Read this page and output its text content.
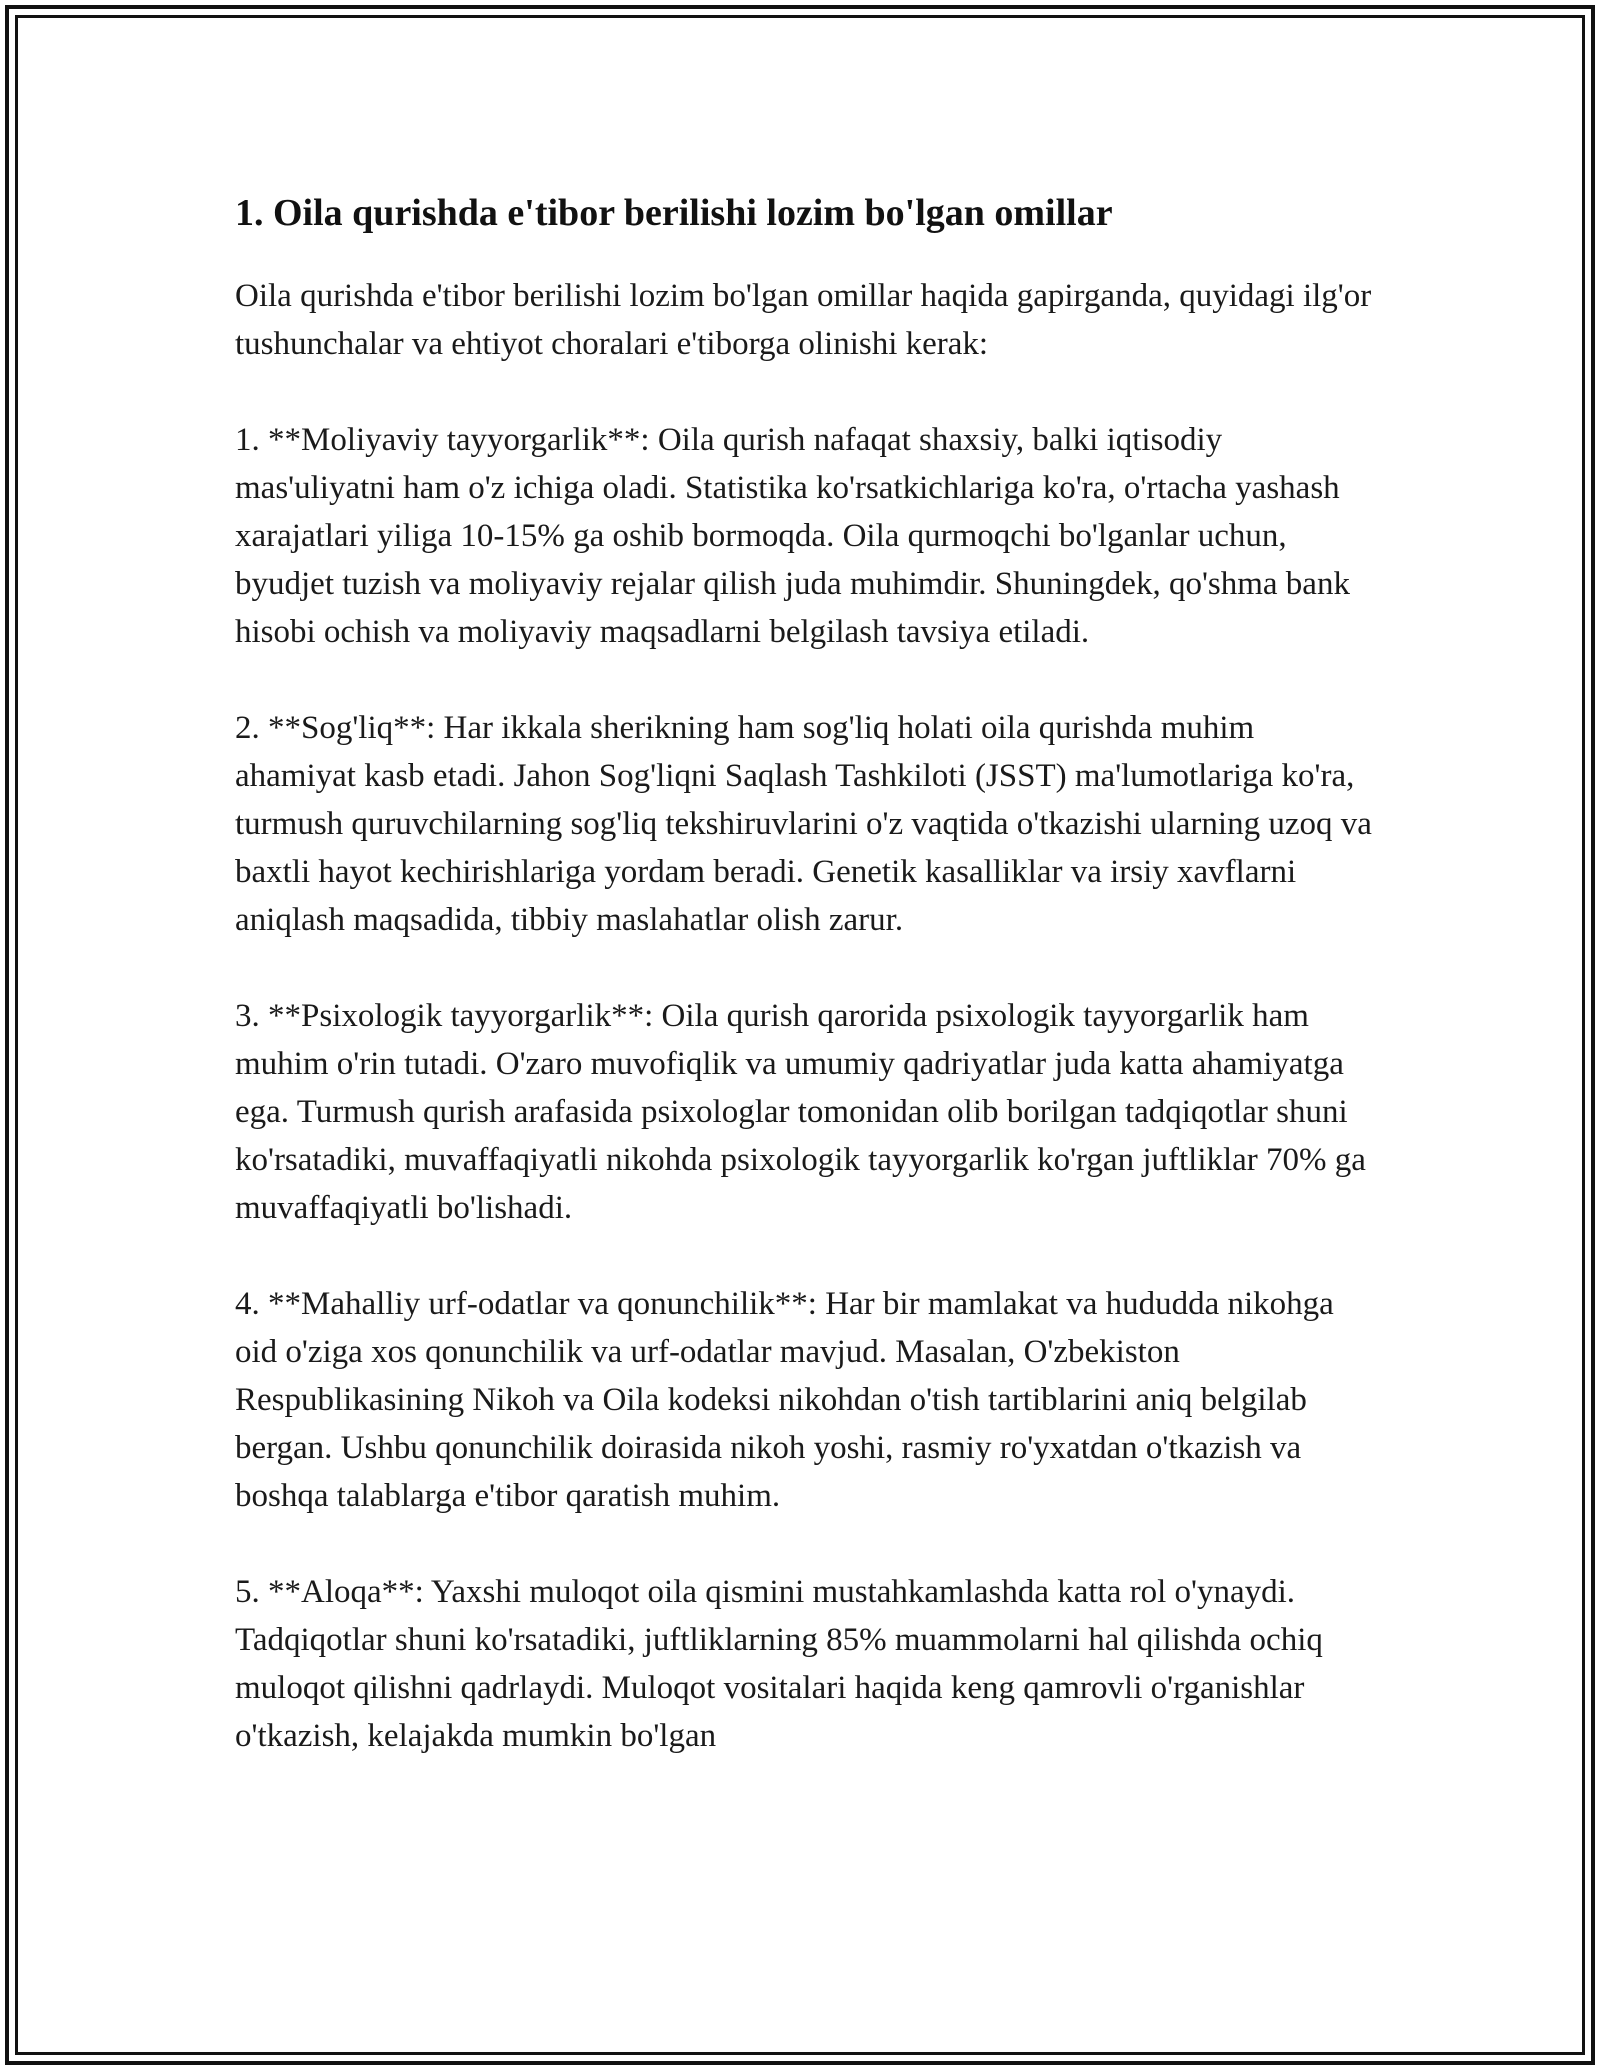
1. Oila qurishda e'tibor berilishi lozim bo'lgan omillar

Oila qurishda e'tibor berilishi lozim bo'lgan omillar haqida gapirganda, quyidagi ilg'or tushunchalar va ehtiyot choralari e'tiborga olinishi kerak:

1. **Moliyaviy tayyorgarlik**: Oila qurish nafaqat shaxsiy, balki iqtisodiy mas'uliyatni ham o'z ichiga oladi. Statistika ko'rsatkichlariga ko'ra, o'rtacha yashash xarajatlari yiliga 10-15% ga oshib bormoqda. Oila qurmoqchi bo'lganlar uchun, byudjet tuzish va moliyaviy rejalar qilish juda muhimdir. Shuningdek, qo'shma bank hisobi ochish va moliyaviy maqsadlarni belgilash tavsiya etiladi.

2. **Sog'liq**: Har ikkala sherikning ham sog'liq holati oila qurishda muhim ahamiyat kasb etadi. Jahon Sog'liqni Saqlash Tashkiloti (JSST) ma'lumotlariga ko'ra, turmush quruvchilarning sog'liq tekshiruvlarini o'z vaqtida o'tkazishi ularning uzoq va baxtli hayot kechirishlariga yordam beradi. Genetik kasalliklar va irsiy xavflarni aniqlash maqsadida, tibbiy maslahatlar olish zarur.

3. **Psixologik tayyorgarlik**: Oila qurish qarorida psixologik tayyorgarlik ham muhim o'rin tutadi. O'zaro muvofiqlik va umumiy qadriyatlar juda katta ahamiyatga ega. Turmush qurish arafasida psixologlar tomonidan olib borilgan tadqiqotlar shuni ko'rsatadiki, muvaffaqiyatli nikohda psixologik tayyorgarlik ko'rgan juftliklar 70% ga muvaffaqiyatli bo'lishadi.

4. **Mahalliy urf-odatlar va qonunchilik**: Har bir mamlakat va hududda nikohga oid o'ziga xos qonunchilik va urf-odatlar mavjud. Masalan, O'zbekiston Respublikasining Nikoh va Oila kodeksi nikohdan o'tish tartiblarini aniq belgilab bergan. Ushbu qonunchilik doirasida nikoh yoshi, rasmiy ro'yxatdan o'tkazish va boshqa talablarga e'tibor qaratish muhim.

5. **Aloqa**: Yaxshi muloqot oila qismini mustahkamlashda katta rol o'ynaydi. Tadqiqotlar shuni ko'rsatadiki, juftliklarning 85% muammolarni hal qilishda ochiq muloqot qilishni qadrlaydi. Muloqot vositalari haqida keng qamrovli o'rganishlar o'tkazish, kelajakda mumkin bo'lgan
